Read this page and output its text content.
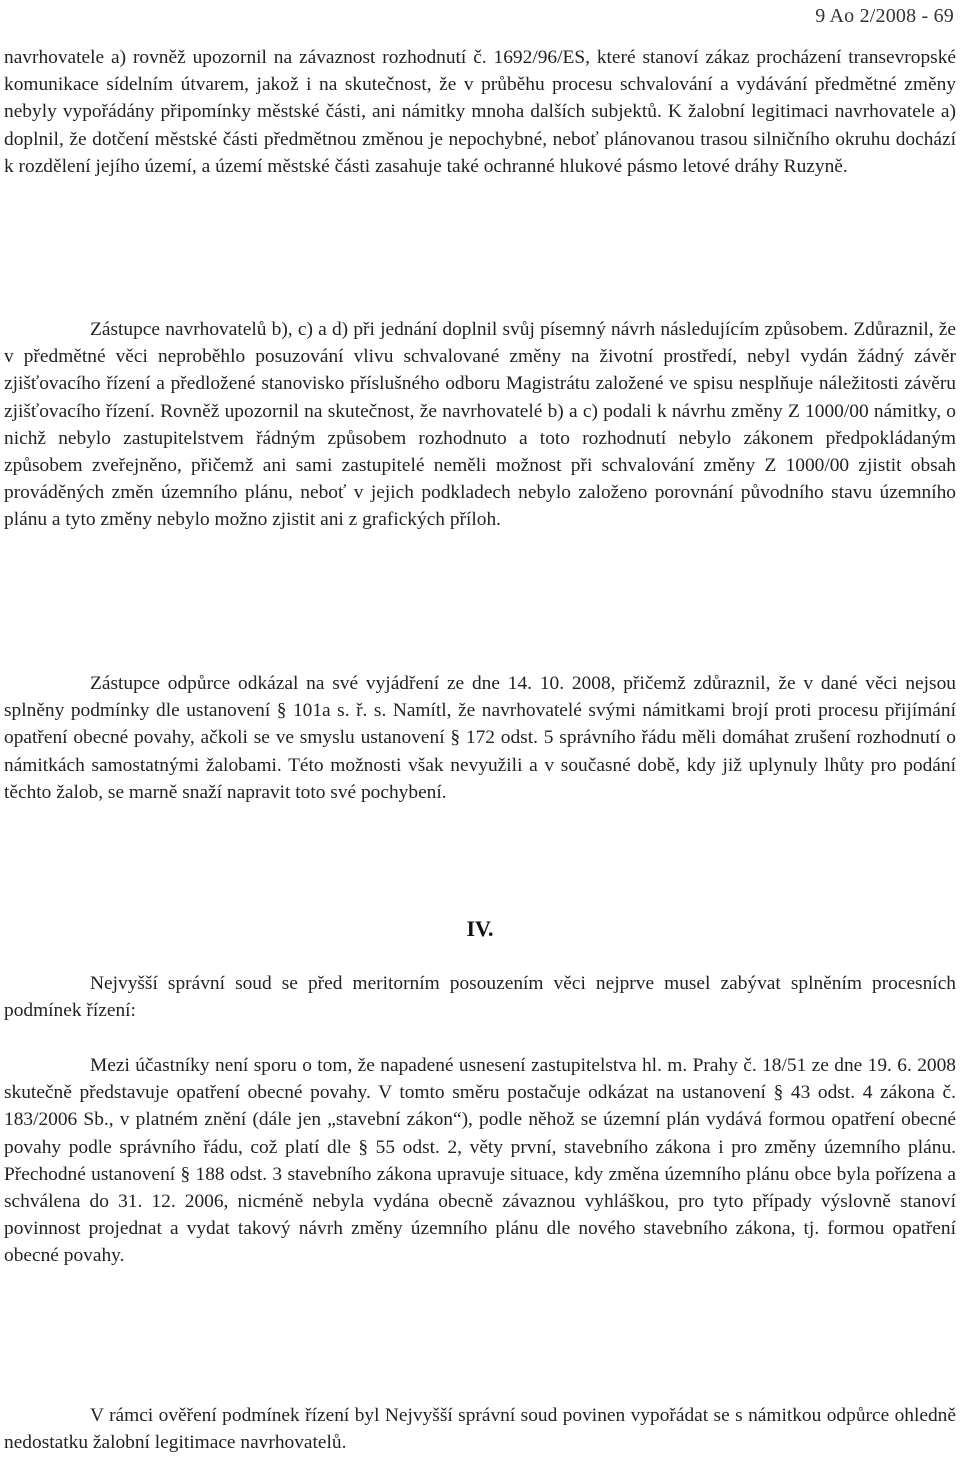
9 Ao 2/2008 - 69

navrhovatele a) rovněž upozornil na závaznost rozhodnutí č. 1692/96/ES, které stanoví zákaz procházení transevropské komunikace sídelním útvarem, jakož i na skutečnost, že v průběhu procesu schvalování a vydávání předmětné změny nebyly vypořádány připomínky městské části, ani námitky mnoha dalších subjektů. K žalobní legitimaci navrhovatele a) doplnil, že dotčení městské části předmětnou změnou je nepochybné, neboť plánovanou trasou silničního okruhu dochází k rozdělení jejího území, a území městské části zasahuje také ochranné hlukové pásmo letové dráhy Ruzyně.

Zástupce navrhovatelů b), c) a d) při jednání doplnil svůj písemný návrh následujícím způsobem. Zdůraznil, že v předmětné věci neproběhlo posuzování vlivu schvalované změny na životní prostředí, nebyl vydán žádný závěr zjišťovacího řízení a předložené stanovisko příslušného odboru Magistrátu založené ve spisu nesplňuje náležitosti závěru zjišťovacího řízení. Rovněž upozornil na skutečnost, že navrhovatelé b) a c) podali k návrhu změny Z 1000/00 námitky, o nichž nebylo zastupitelstvem řádným způsobem rozhodnuto a toto rozhodnutí nebylo zákonem předpokládaným způsobem zveřejněno, přičemž ani sami zastupitelé neměli možnost při schvalování změny Z 1000/00 zjistit obsah prováděných změn územního plánu, neboť v jejich podkladech nebylo založeno porovnání původního stavu územního plánu a tyto změny nebylo možno zjistit ani z grafických příloh.

Zástupce odpůrce odkázal na své vyjádření ze dne 14. 10. 2008, přičemž zdůraznil, že v dané věci nejsou splněny podmínky dle ustanovení § 101a s. ř. s. Namítl, že navrhovatelé svými námitkami brojí proti procesu přijímání opatření obecné povahy, ačkoli se ve smyslu ustanovení § 172 odst. 5 správního řádu měli domáhat zrušení rozhodnutí o námitkách samostatnými žalobami. Této možnosti však nevyužili a v současné době, kdy již uplynuly lhůty pro podání těchto žalob, se marně snaží napravit toto své pochybení.

IV.

Nejvyšší správní soud se před meritorním posouzením věci nejprve musel zabývat splněním procesních podmínek řízení:

Mezi účastníky není sporu o tom, že napadené usnesení zastupitelstva hl. m. Prahy č. 18/51 ze dne 19. 6. 2008 skutečně představuje opatření obecné povahy. V tomto směru postačuje odkázat na ustanovení § 43 odst. 4 zákona č. 183/2006 Sb., v platném znění (dále jen „stavební zákon“), podle něhož se územní plán vydává formou opatření obecné povahy podle správního řádu, což platí dle § 55 odst. 2, věty první, stavebního zákona i pro změny územního plánu. Přechodné ustanovení § 188 odst. 3 stavebního zákona upravuje situace, kdy změna územního plánu obce byla pořízena a schválena do 31. 12. 2006, nicméně nebyla vydána obecně závaznou vyhláškou, pro tyto případy výslovně stanoví povinnost projednat a vydat takový návrh změny územního plánu dle nového stavebního zákona, tj. formou opatření obecné povahy.

V rámci ověření podmínek řízení byl Nejvyšší správní soud povinen vypořádat se s námitkou odpůrce ohledně nedostatku žalobní legitimace navrhovatelů.
